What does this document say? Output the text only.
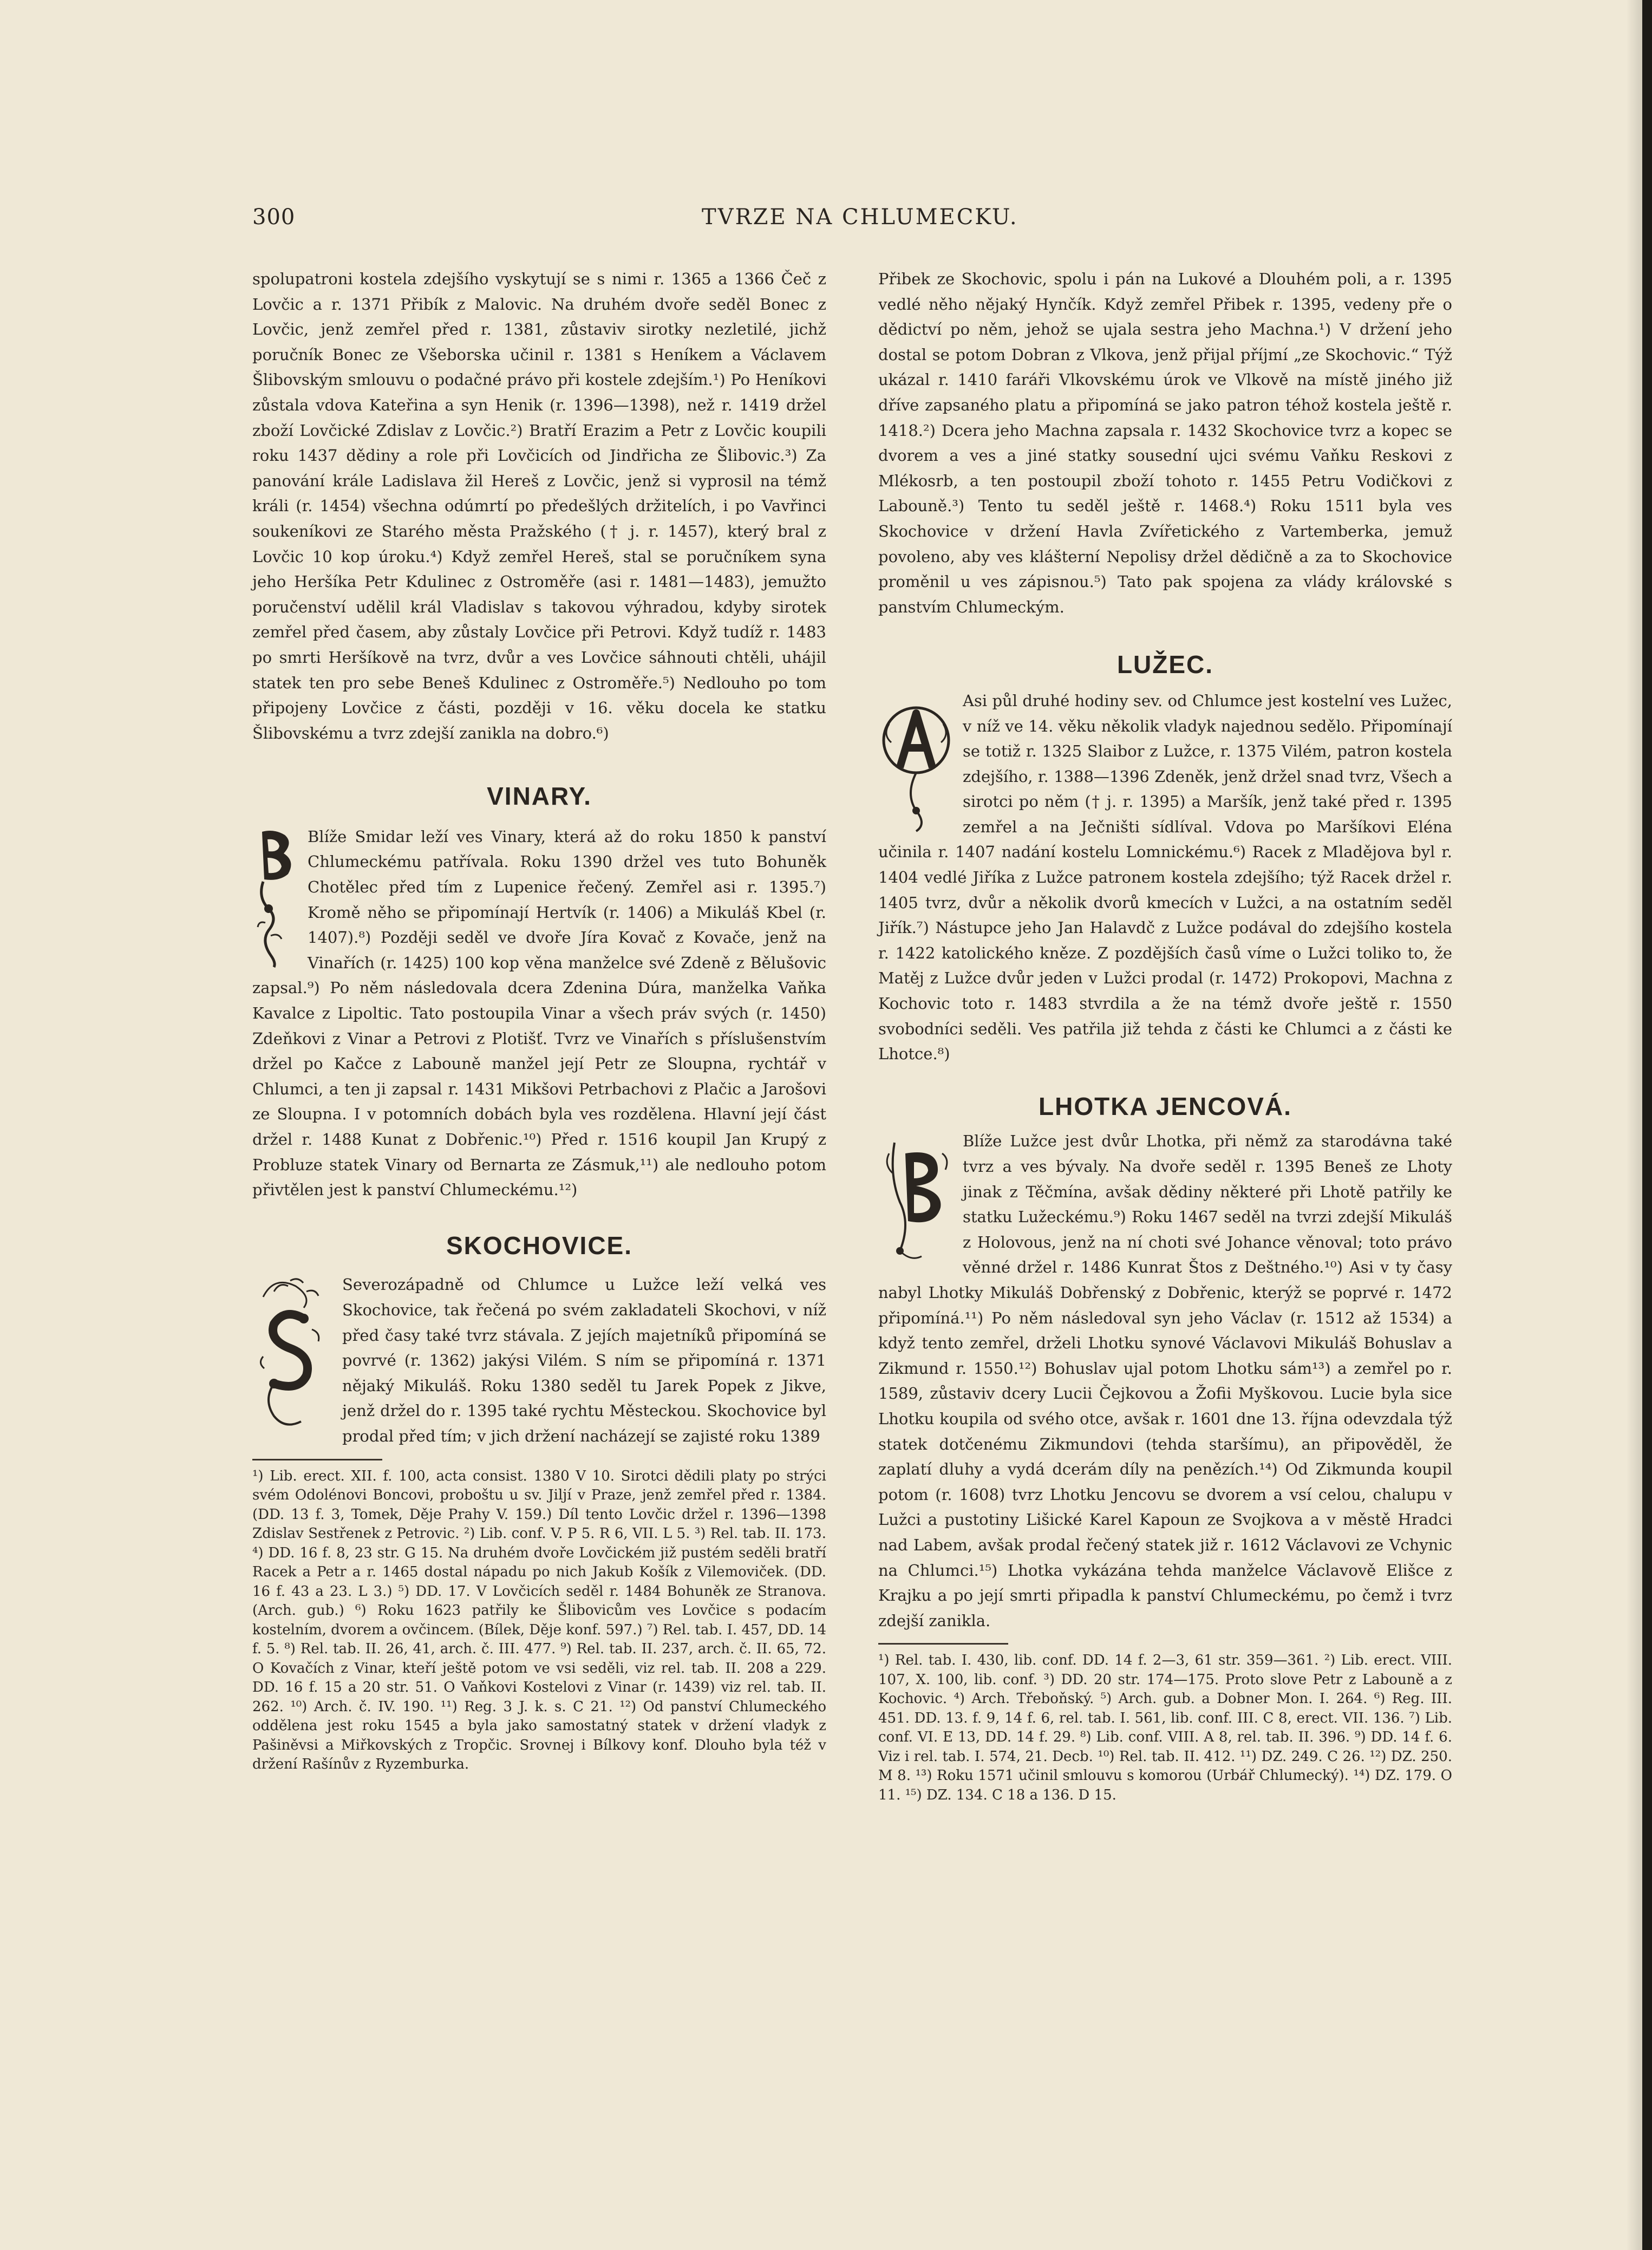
300	TVRZE NA CHLUMECKU.

spolupatroni kostela zdejšího vyskytují se s nimi r. 1365 a 1366 Čeč z Lovčic a r. 1371 Přibík z Malovic. Na druhém dvoře seděl Bonec z Lovčic, jenž zemřel před r. 1381, zůstaviv sirotky nezletilé, jichž poručník Bonec ze Všeborska učinil r. 1381 s Heníkem a Václavem Šlibovským smlouvu o podačné právo při kostele zdejším.¹) Po Heníkovi zůstala vdova Kateřina a syn Henik (r. 1396—1398), než r. 1419 držel zboží Lovčické Zdislav z Lovčic.²) Bratří Erazim a Petr z Lovčic koupili roku 1437 dědiny a role při Lovčicích od Jindřicha ze Šlibovic.³) Za panování krále Ladislava žil Hereš z Lovčic, jenž si vyprosil na témž králi (r. 1454) všechna odúmrtí po předešlých držitelích, i po Vavřinci soukeníkovi ze Starého města Pražského († j. r. 1457), který bral z Lovčic 10 kop úroku.⁴) Když zemřel Hereš, stal se poručníkem syna jeho Heršíka Petr Kdulinec z Ostroměře (asi r. 1481—1483), jemužto poručenství udělil král Vladislav s takovou výhradou, kdyby sirotek zemřel před časem, aby zůstaly Lovčice při Petrovi. Když tudíž r. 1483 po smrti Heršíkově na tvrz, dvůr a ves Lovčice sáhnouti chtěli, uhájil statek ten pro sebe Beneš Kdulinec z Ostroměře.⁵) Nedlouho po tom připojeny Lovčice z části, později v 16. věku docela ke statku Šlibovskému a tvrz zdejší zanikla na dobro.⁶)

VINARY.

Blíže Smidar leží ves Vinary, která až do roku 1850 k panství Chlumeckému patřívala. Roku 1390 držel ves tuto Bohuněk Chotělec před tím z Lupenice řečený. Zemřel asi r. 1395.⁷) Kromě něho se připomínají Hertvík (r. 1406) a Mikuláš Kbel (r. 1407).⁸) Později seděl ve dvoře Jíra Kovač z Kovače, jenž na Vinařích (r. 1425) 100 kop věna manželce své Zdeně z Bělušovic zapsal.⁹) Po něm následovala dcera Zdenina Dúra, manželka Vaňka Kavalce z Lipoltic. Tato postoupila Vinar a všech práv svých (r. 1450) Zdeňkovi z Vinar a Petrovi z Plotišť. Tvrz ve Vinařích s příslušenstvím držel po Kačce z Labouně manžel její Petr ze Sloupna, rychtář v Chlumci, a ten ji zapsal r. 1431 Mikšovi Petrbachovi z Plačic a Jarošovi ze Sloupna. I v potomních dobách byla ves rozdělena. Hlavní její část držel r. 1488 Kunat z Dobřenic.¹⁰) Před r. 1516 koupil Jan Krupý z Probluze statek Vinary od Bernarta ze Zásmuk,¹¹) ale nedlouho potom přivtělen jest k panství Chlumeckému.¹²)

SKOCHOVICE.

Severozápadně od Chlumce u Lužce leží velká ves Skochovice, tak řečená po svém zakladateli Skochovi, v níž před časy také tvrz stávala. Z jejích majetníků připomíná se povrvé (r. 1362) jakýsi Vilém. S ním se připomíná r. 1371 nějaký Mikuláš. Roku 1380 seděl tu Jarek Popek z Jikve, jenž držel do r. 1395 také rychtu Městeckou. Skochovice byl prodal před tím; v jich držení nacházejí se zajisté roku 1389

¹) Lib. erect. XII. f. 100, acta consist. 1380 V 10. Sirotci dědili platy po strýci svém Odolénovi Boncovi, proboštu u sv. Jiljí v Praze, jenž zemřel před r. 1384. (DD. 13 f. 3, Tomek, Děje Prahy V. 159.) Díl tento Lovčic držel r. 1396—1398 Zdislav Sestřenek z Petrovic. ²) Lib. conf. V. P 5. R 6, VII. L 5. ³) Rel. tab. II. 173. ⁴) DD. 16 f. 8, 23 str. G 15. Na druhém dvoře Lovčickém již pustém seděli bratří Racek a Petr a r. 1465 dostal nápadu po nich Jakub Košík z Vilemoviček. (DD. 16 f. 43 a 23. L 3.) ⁵) DD. 17. V Lovčicích seděl r. 1484 Bohuněk ze Stranova. (Arch. gub.) ⁶) Roku 1623 patřily ke Šlibovicům ves Lovčice s podacím kostelním, dvorem a ovčincem. (Bílek, Děje konf. 597.) ⁷) Rel. tab. I. 457, DD. 14 f. 5. ⁸) Rel. tab. II. 26, 41, arch. č. III. 477. ⁹) Rel. tab. II. 237, arch. č. II. 65, 72. O Kovačích z Vinar, kteří ještě potom ve vsi seděli, viz rel. tab. II. 208 a 229. DD. 16 f. 15 a 20 str. 51. O Vaňkovi Kostelovi z Vinar (r. 1439) viz rel. tab. II. 262. ¹⁰) Arch. č. IV. 190. ¹¹) Reg. 3 J. k. s. C 21. ¹²) Od panství Chlumeckého oddělena jest roku 1545 a byla jako samostatný statek v držení vladyk z Pašiněvsi a Miřkovských z Tropčic. Srovnej i Bílkovy konf. Dlouho byla též v držení Rašínův z Ryzemburka.

Přibek ze Skochovic, spolu i pán na Lukové a Dlouhém poli, a r. 1395 vedlé něho nějaký Hynčík. Když zemřel Přibek r. 1395, vedeny pře o dědictví po něm, jehož se ujala sestra jeho Machna.¹) V držení jeho dostal se potom Dobran z Vlkova, jenž přijal příjmí „ze Skochovic.“ Týž ukázal r. 1410 faráři Vlkovskému úrok ve Vlkově na místě jiného již dříve zapsaného platu a připomíná se jako patron téhož kostela ještě r. 1418.²) Dcera jeho Machna zapsala r. 1432 Skochovice tvrz a kopec se dvorem a ves a jiné statky sousední ujci svému Vaňku Reskovi z Mlékosrb, a ten postoupil zboží tohoto r. 1455 Petru Vodičkovi z Labouně.³) Tento tu seděl ještě r. 1468.⁴) Roku 1511 byla ves Skochovice v držení Havla Zvířetického z Vartemberka, jemuž povoleno, aby ves klášterní Nepolisy držel dědičně a za to Skochovice proměnil u ves zápisnou.⁵) Tato pak spojena za vlády královské s panstvím Chlumeckým.

LUŽEC.

Asi půl druhé hodiny sev. od Chlumce jest kostelní ves Lužec, v níž ve 14. věku několik vladyk najednou sedělo. Připomínají se totiž r. 1325 Slaibor z Lužce, r. 1375 Vilém, patron kostela zdejšího, r. 1388—1396 Zdeněk, jenž držel snad tvrz, Všech a sirotci po něm († j. r. 1395) a Maršík, jenž také před r. 1395 zemřel a na Ječništi sídlíval. Vdova po Maršíkovi Eléna učinila r. 1407 nadání kostelu Lomnickému.⁶) Racek z Mladějova byl r. 1404 vedlé Jiříka z Lužce patronem kostela zdejšího; týž Racek držel r. 1405 tvrz, dvůr a několik dvorů kmecích v Lužci, a na ostatním seděl Jiřík.⁷) Nástupce jeho Jan Halavdč z Lužce podával do zdejšího kostela r. 1422 katolického kněze. Z pozdějších časů víme o Lužci toliko to, že Matěj z Lužce dvůr jeden v Lužci prodal (r. 1472) Prokopovi, Machna z Kochovic toto r. 1483 stvrdila a že na témž dvoře ještě r. 1550 svobodníci seděli. Ves patřila již tehda z části ke Chlumci a z části ke Lhotce.⁸)

LHOTKA JENCOVÁ.

Blíže Lužce jest dvůr Lhotka, při němž za starodávna také tvrz a ves bývaly. Na dvoře seděl r. 1395 Beneš ze Lhoty jinak z Těčmína, avšak dědiny některé při Lhotě patřily ke statku Lužeckému.⁹) Roku 1467 seděl na tvrzi zdejší Mikuláš z Holovous, jenž na ní choti své Johance věnoval; toto právo věnné držel r. 1486 Kunrat Štos z Deštného.¹⁰) Asi v ty časy nabyl Lhotky Mikuláš Dobřenský z Dobřenic, kterýž se poprvé r. 1472 připomíná.¹¹) Po něm následoval syn jeho Václav (r. 1512 až 1534) a když tento zemřel, drželi Lhotku synové Václavovi Mikuláš Bohuslav a Zikmund r. 1550.¹²) Bohuslav ujal potom Lhotku sám¹³) a zemřel po r. 1589, zůstaviv dcery Lucii Čejkovou a Žofii Myškovou. Lucie byla sice Lhotku koupila od svého otce, avšak r. 1601 dne 13. října odevzdala týž statek dotčenému Zikmundovi (tehda staršímu), an připověděl, že zaplatí dluhy a vydá dcerám díly na penězích.¹⁴) Od Zikmunda koupil potom (r. 1608) tvrz Lhotku Jencovu se dvorem a vsí celou, chalupu v Lužci a pustotiny Lišické Karel Kapoun ze Svojkova a v městě Hradci nad Labem, avšak prodal řečený statek již r. 1612 Václavovi ze Vchynic na Chlumci.¹⁵) Lhotka vykázána tehda manželce Václavově Elišce z Krajku a po její smrti připadla k panství Chlumeckému, po čemž i tvrz zdejší zanikla.

¹) Rel. tab. I. 430, lib. conf. DD. 14 f. 2—3, 61 str. 359—361. ²) Lib. erect. VIII. 107, X. 100, lib. conf. ³) DD. 20 str. 174—175. Proto slove Petr z Labouně a z Kochovic. ⁴) Arch. Třeboňský. ⁵) Arch. gub. a Dobner Mon. I. 264. ⁶) Reg. III. 451. DD. 13. f. 9, 14 f. 6, rel. tab. I. 561, lib. conf. III. C 8, erect. VII. 136. ⁷) Lib. conf. VI. E 13, DD. 14 f. 29. ⁸) Lib. conf. VIII. A 8, rel. tab. II. 396. ⁹) DD. 14 f. 6. Viz i rel. tab. I. 574, 21. Decb. ¹⁰) Rel. tab. II. 412. ¹¹) DZ. 249. C 26. ¹²) DZ. 250. M 8. ¹³) Roku 1571 učinil smlouvu s komorou (Urbář Chlumecký). ¹⁴) DZ. 179. O 11. ¹⁵) DZ. 134. C 18 a 136. D 15.
